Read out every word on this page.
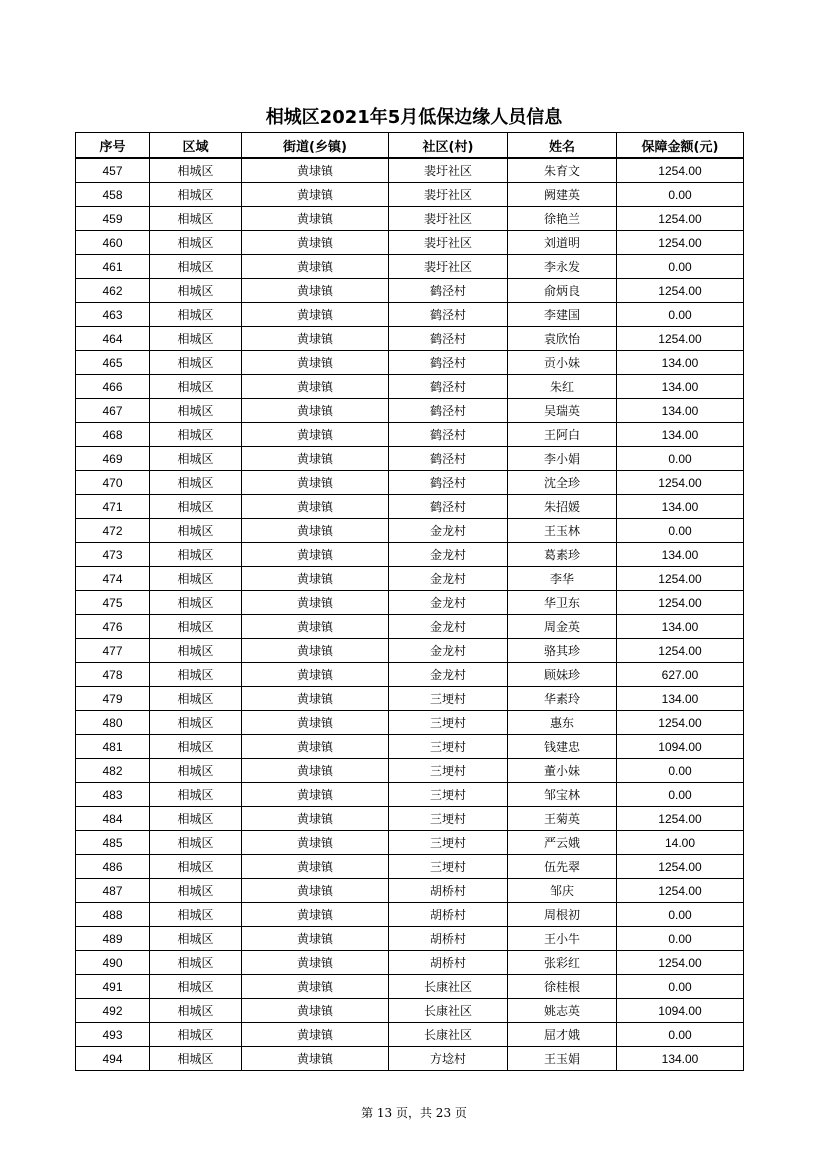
相城区2021年5月低保边缘人员信息
序号	区域	街道(乡镇)	社区(村)	姓名	保障金额(元)
457	相城区	黄埭镇	裴圩社区	朱育文	1254.00
458	相城区	黄埭镇	裴圩社区	阙建英	0.00
459	相城区	黄埭镇	裴圩社区	徐艳兰	1254.00
460	相城区	黄埭镇	裴圩社区	刘道明	1254.00
461	相城区	黄埭镇	裴圩社区	李永发	0.00
462	相城区	黄埭镇	鹤泾村	俞炳良	1254.00
463	相城区	黄埭镇	鹤泾村	李建国	0.00
464	相城区	黄埭镇	鹤泾村	袁欣怡	1254.00
465	相城区	黄埭镇	鹤泾村	贡小妹	134.00
466	相城区	黄埭镇	鹤泾村	朱红	134.00
467	相城区	黄埭镇	鹤泾村	吴瑞英	134.00
468	相城区	黄埭镇	鹤泾村	王阿白	134.00
469	相城区	黄埭镇	鹤泾村	李小娟	0.00
470	相城区	黄埭镇	鹤泾村	沈全珍	1254.00
471	相城区	黄埭镇	鹤泾村	朱招媛	134.00
472	相城区	黄埭镇	金龙村	王玉林	0.00
473	相城区	黄埭镇	金龙村	葛素珍	134.00
474	相城区	黄埭镇	金龙村	李华	1254.00
475	相城区	黄埭镇	金龙村	华卫东	1254.00
476	相城区	黄埭镇	金龙村	周金英	134.00
477	相城区	黄埭镇	金龙村	骆其珍	1254.00
478	相城区	黄埭镇	金龙村	顾妹珍	627.00
479	相城区	黄埭镇	三埂村	华素玲	134.00
480	相城区	黄埭镇	三埂村	惠东	1254.00
481	相城区	黄埭镇	三埂村	钱建忠	1094.00
482	相城区	黄埭镇	三埂村	董小妹	0.00
483	相城区	黄埭镇	三埂村	邹宝林	0.00
484	相城区	黄埭镇	三埂村	王菊英	1254.00
485	相城区	黄埭镇	三埂村	严云娥	14.00
486	相城区	黄埭镇	三埂村	伍先翠	1254.00
487	相城区	黄埭镇	胡桥村	邹庆	1254.00
488	相城区	黄埭镇	胡桥村	周根初	0.00
489	相城区	黄埭镇	胡桥村	王小牛	0.00
490	相城区	黄埭镇	胡桥村	张彩红	1254.00
491	相城区	黄埭镇	长康社区	徐桂根	0.00
492	相城区	黄埭镇	长康社区	姚志英	1094.00
493	相城区	黄埭镇	长康社区	屈才娥	0.00
494	相城区	黄埭镇	方埝村	王玉娟	134.00
第 13 页，共 23 页
